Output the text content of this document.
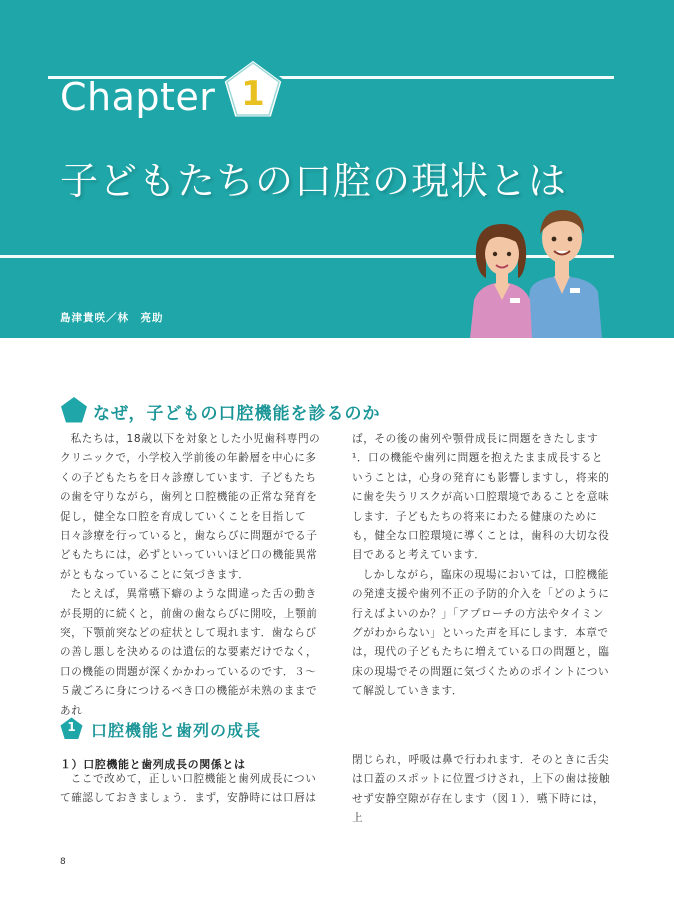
Chapter 1
子どもたちの口腔の現状とは
島津貴咲／林　亮助
なぜ，子どもの口腔機能を診るのか

私たちは，18歳以下を対象とした小児歯科専門のクリニックで，小学校入学前後の年齢層を中心に多くの子どもたちを日々診療しています．子どもたちの歯を守りながら，歯列と口腔機能の正常な発育を促し，健全な口腔を育成していくことを目指して日々診療を行っていると，歯ならびに問題がでる子どもたちには，必ずといっていいほど口の機能異常がともなっていることに気づきます．

たとえば，異常嚥下癖のような間違った舌の動きが長期的に続くと，前歯の歯ならびに開咬，上顎前突，下顎前突などの症状として現れます．歯ならびの善し悪しを決めるのは遺伝的な要素だけでなく，口の機能の問題が深くかかわっているのです．３～５歳ごろに身につけるべき口の機能が未熟のままであれ

ば，その後の歯列や顎骨成長に問題をきたします¹．口の機能や歯列に問題を抱えたまま成長するということは，心身の発育にも影響しますし，将来的に歯を失うリスクが高い口腔環境であることを意味します．子どもたちの将来にわたる健康のためにも，健全な口腔環境に導くことは，歯科の大切な役目であると考えています．

しかしながら，臨床の現場においては，口腔機能の発達支援や歯列不正の予防的介入を「どのように行えばよいのか？」「アプローチの方法やタイミングがわからない」といった声を耳にします．本章では，現代の子どもたちに増えている口の問題と，臨床の現場でその問題に気づくためのポイントについて解説していきます．

1 口腔機能と歯列の成長
１）口腔機能と歯列成長の関係とは

ここで改めて，正しい口腔機能と歯列成長について確認しておきましょう．まず，安静時には口唇は

閉じられ，呼吸は鼻で行われます．そのときに舌尖は口蓋のスポットに位置づけされ，上下の歯は接触せず安静空隙が存在します（図１）．嚥下時には，上

8
